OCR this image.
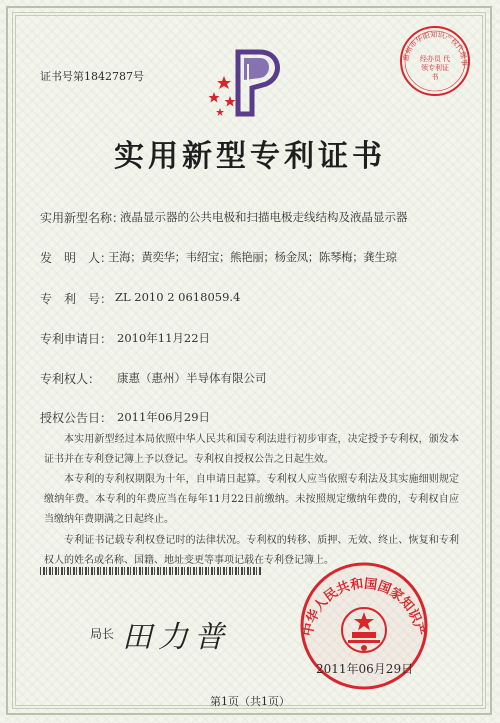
证书号第1842787号
惠州市华阳知识产权代理事
经办员 代领专利证书
实用新型专利证书
实用新型名称：
液晶显示器的公共电极和扫描电极走线结构及液晶显示器
发　明　人：
王海；黄奕华；韦绍宝；熊艳丽；杨金凤；陈琴梅；龚生琼
专　利　号： ZL 2010 2 0618059.4
专利申请日： 2010年11月22日
专利权人： 康惠（惠州）半导体有限公司
授权公告日： 2011年06月29日
本实用新型经过本局依照中华人民共和国专利法进行初步审查，决定授予专利权，颁发本证书并在专利登记簿上予以登记。专利权自授权公告之日起生效。
本专利的专利权期限为十年，自申请日起算。专利权人应当依照专利法及其实施细则规定缴纳年费。本专利的年费应当在每年11月22日前缴纳。未按照规定缴纳年费的，专利权自应当缴纳年费期满之日起终止。
专利证书记载专利权登记时的法律状况。专利权的转移、质押、无效、终止、恢复和专利权人的姓名或名称、国籍、地址变更等事项记载在专利登记簿上。
局长 田力普	中华人民共和国国家知识产
2011年06月29日
第1页（共1页）
